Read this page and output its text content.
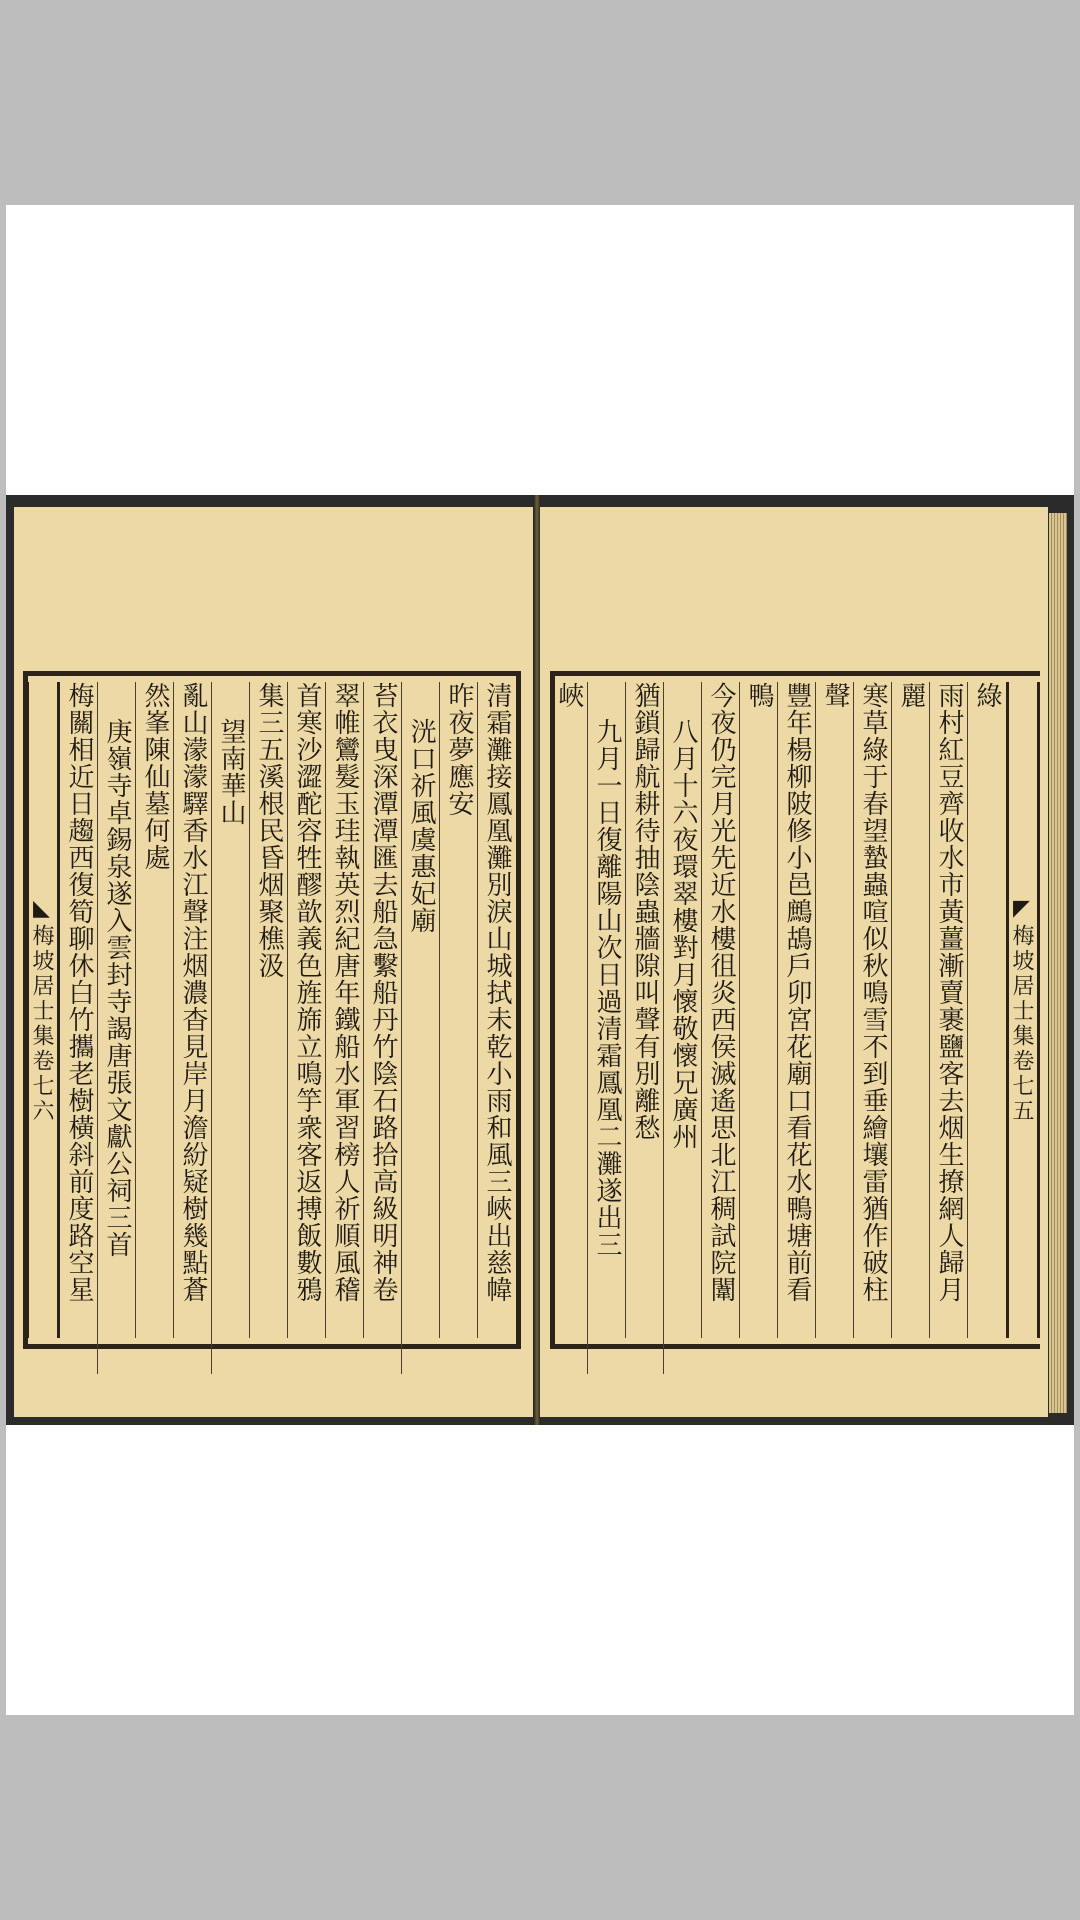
清霜灘接鳳凰灘別淚山城拭未乾小雨和風三峽出慈幃
昨夜夢應安
洸口祈風虞惠妃廟
苔衣曳深潭潭匯去船急繫船丹竹陰石路拾高級明神卷
翠帷鸞髮玉珪執英烈紀唐年鐵船水軍習榜人祈順風稽
首寒沙澀酡容牲醪歆義色旌旆立鳴竽衆客返搏飯數鴉
集三五溪根民昏烟聚樵汲
望南華山
亂山濛濛驛香水江聲注烟濃杳見岸月澹紛疑樹幾點蒼
然峯陳仙墓何處
庚嶺寺卓錫泉遂入雲封寺謁唐張文獻公祠三首
梅關相近日趨西復筍聊休白竹攜老樹橫斜前度路空星
◣梅坡居士集卷七六
◤梅坡居士集卷七五
綠
雨村紅豆齊收水市黃薑漸賣裹鹽客去烟生撩網人歸月
麗
寒草綠于春望蟄蟲喧似秋鳴雪不到垂繪壤雷猶作破柱
聲
豐年楊柳陂修小邑鷓鴣戶卯宮花廟口看花水鴨塘前看
鴨
今夜仍完月光先近水樓徂炎西侯滅遙思北江稠試院闈
八月十六夜環翠樓對月懷敬懷兄廣州
猶鎖歸航耕待抽陰蟲牆隙叫聲有別離愁
九月一日復離陽山次日過清霜鳳凰二灘遂出三
峽
